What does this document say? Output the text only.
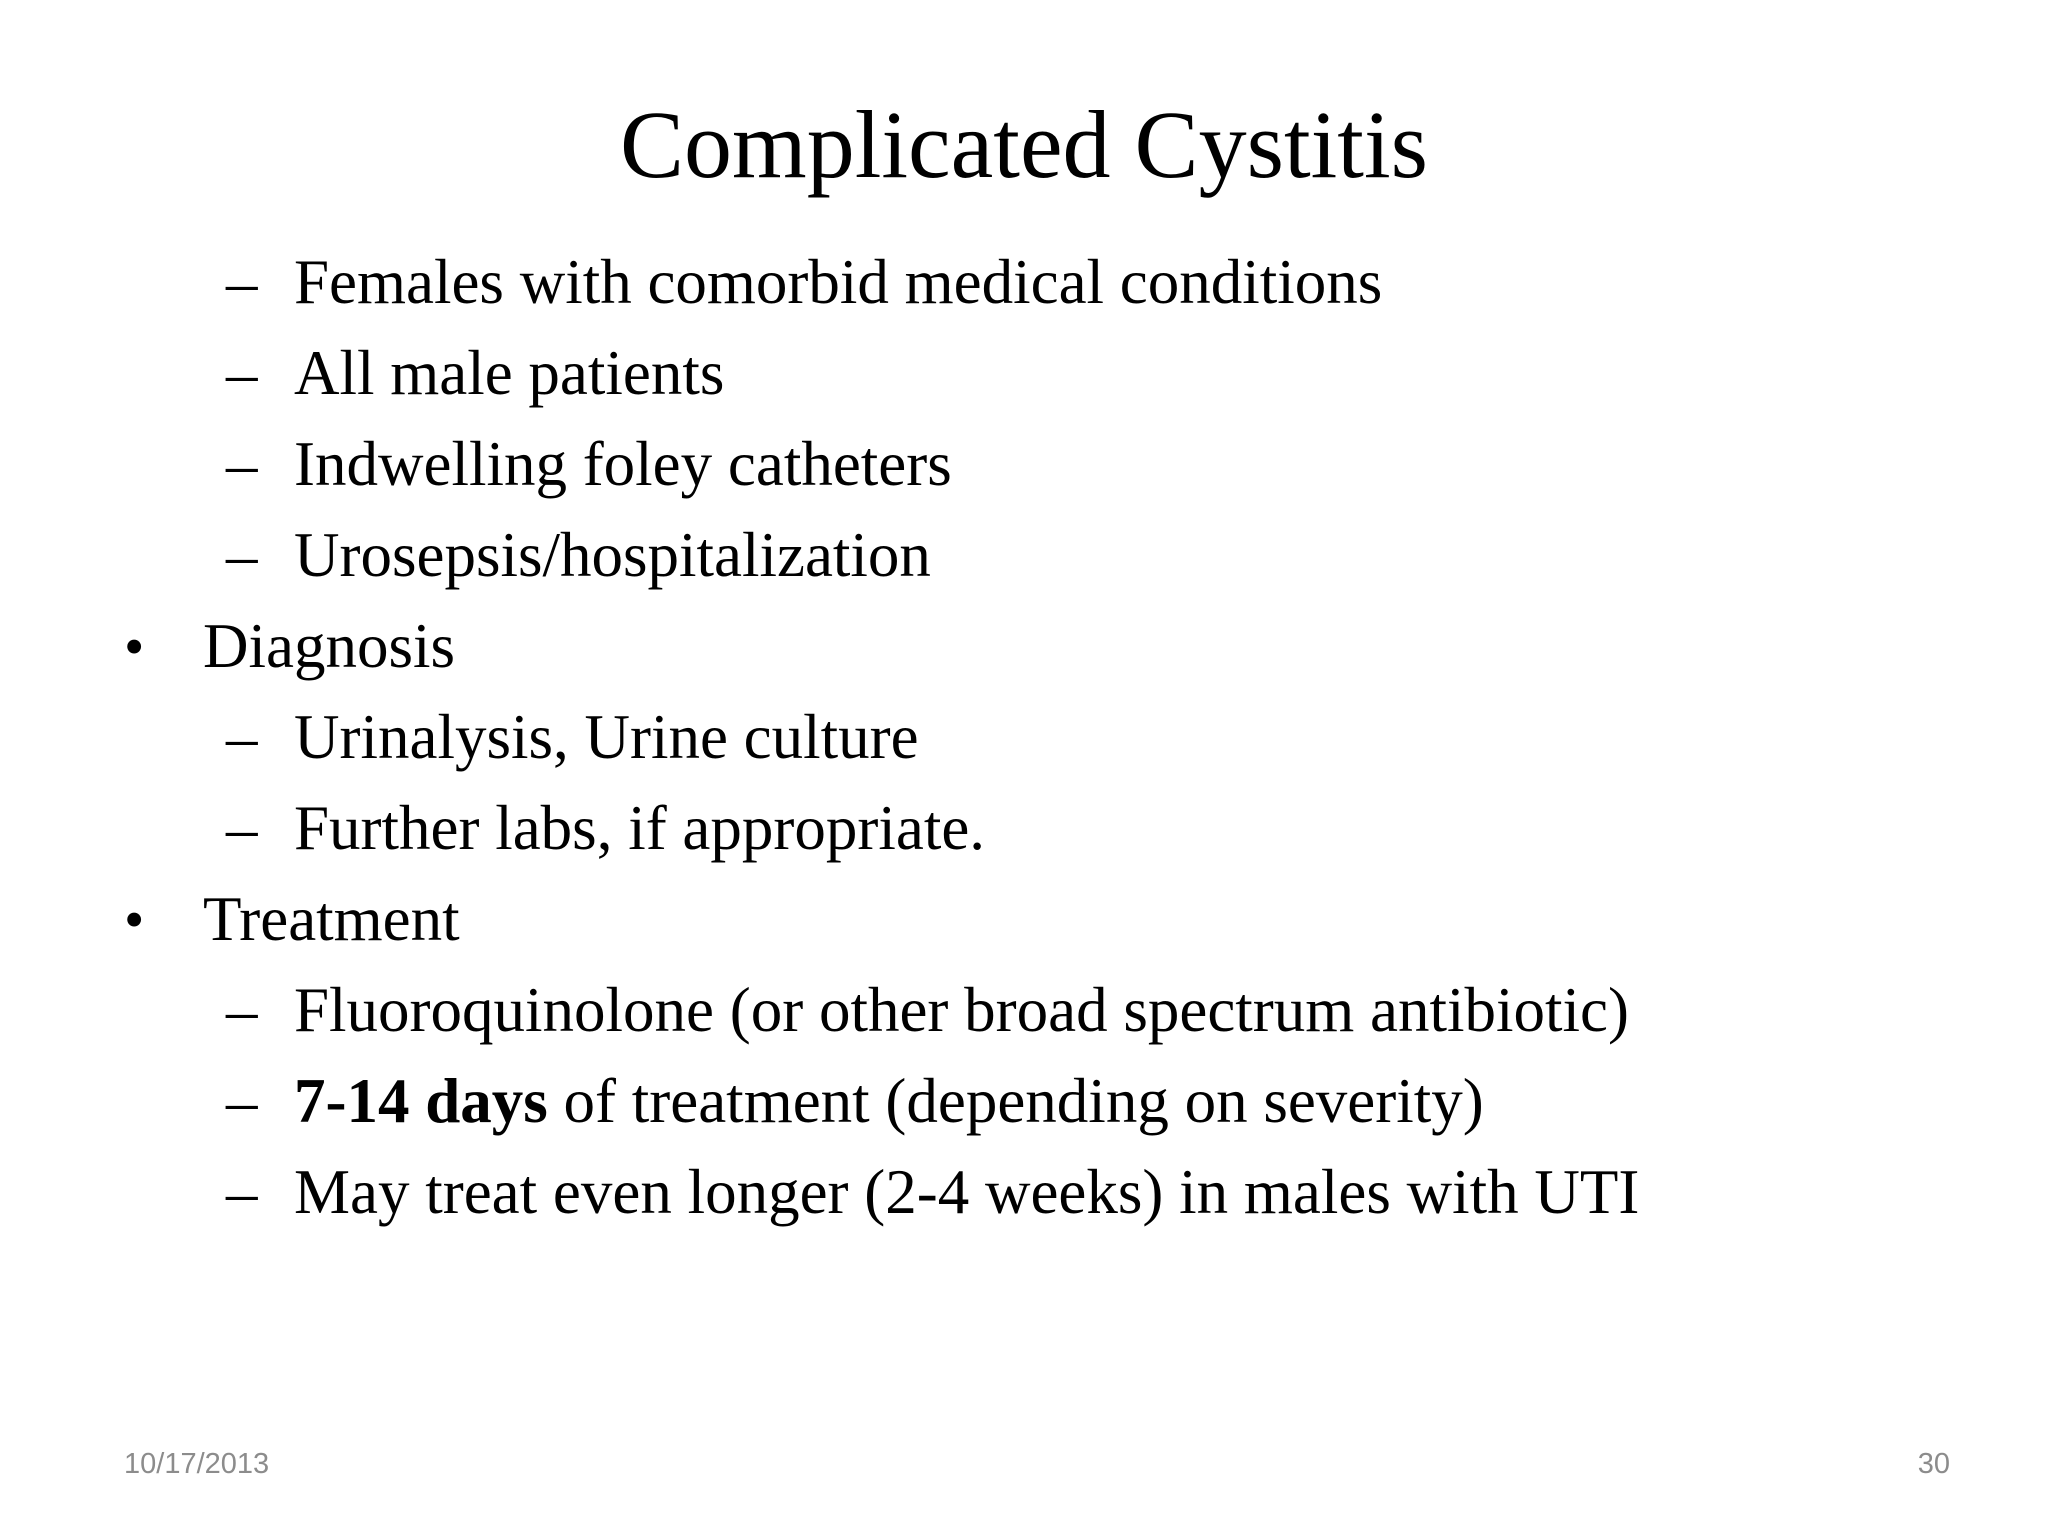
Complicated Cystitis
– Females with comorbid medical conditions
– All male patients
– Indwelling foley catheters
– Urosepsis/hospitalization
• Diagnosis
– Urinalysis, Urine culture
– Further labs, if appropriate.
• Treatment
– Fluoroquinolone (or other broad spectrum antibiotic)
– 7-14 days of treatment (depending on severity)
– May treat even longer (2-4 weeks) in males with UTI
10/17/2013	30
